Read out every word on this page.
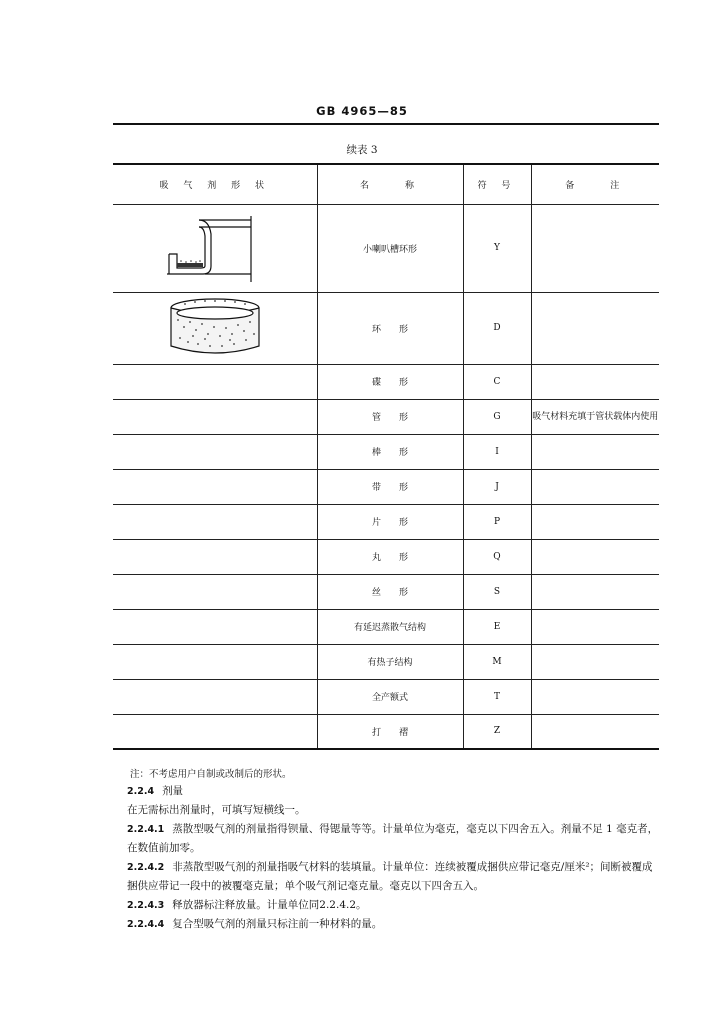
GB 4965—85
续表 3
吸 气 剂 形 状	名　　称	符 号	备　　注

	小喇叭槽环形	Y	

	环　　形	D	
	碟　　形	C	
	管　　形	G	吸气材料充填于管状载体内使用
	棒　　形	I	
	带　　形	J	
	片　　形	P	
	丸　　形	Q	
	丝　　形	S	
	有延迟蒸散气结构	E	
	有热子结构	M	
	全产额式	T	
	打　　褶	Z	
注：不考虑用户自制或改制后的形状。

2.2.4 剂量

在无需标出剂量时，可填写短横线一。

2.2.4.1 蒸散型吸气剂的剂量指得钡量、得锶量等等。计量单位为毫克，毫克以下四舍五入。剂量不足 1 毫克者，在数值前加零。

2.2.4.2 非蒸散型吸气剂的剂量指吸气材料的装填量。计量单位：连续被覆成捆供应带记毫克/厘米²；间断被覆成捆供应带记一段中的被覆毫克量；单个吸气剂记毫克量。毫克以下四舍五入。

2.2.4.3 释放器标注释放量。计量单位同2.2.4.2。

2.2.4.4 复合型吸气剂的剂量只标注前一种材料的量。
